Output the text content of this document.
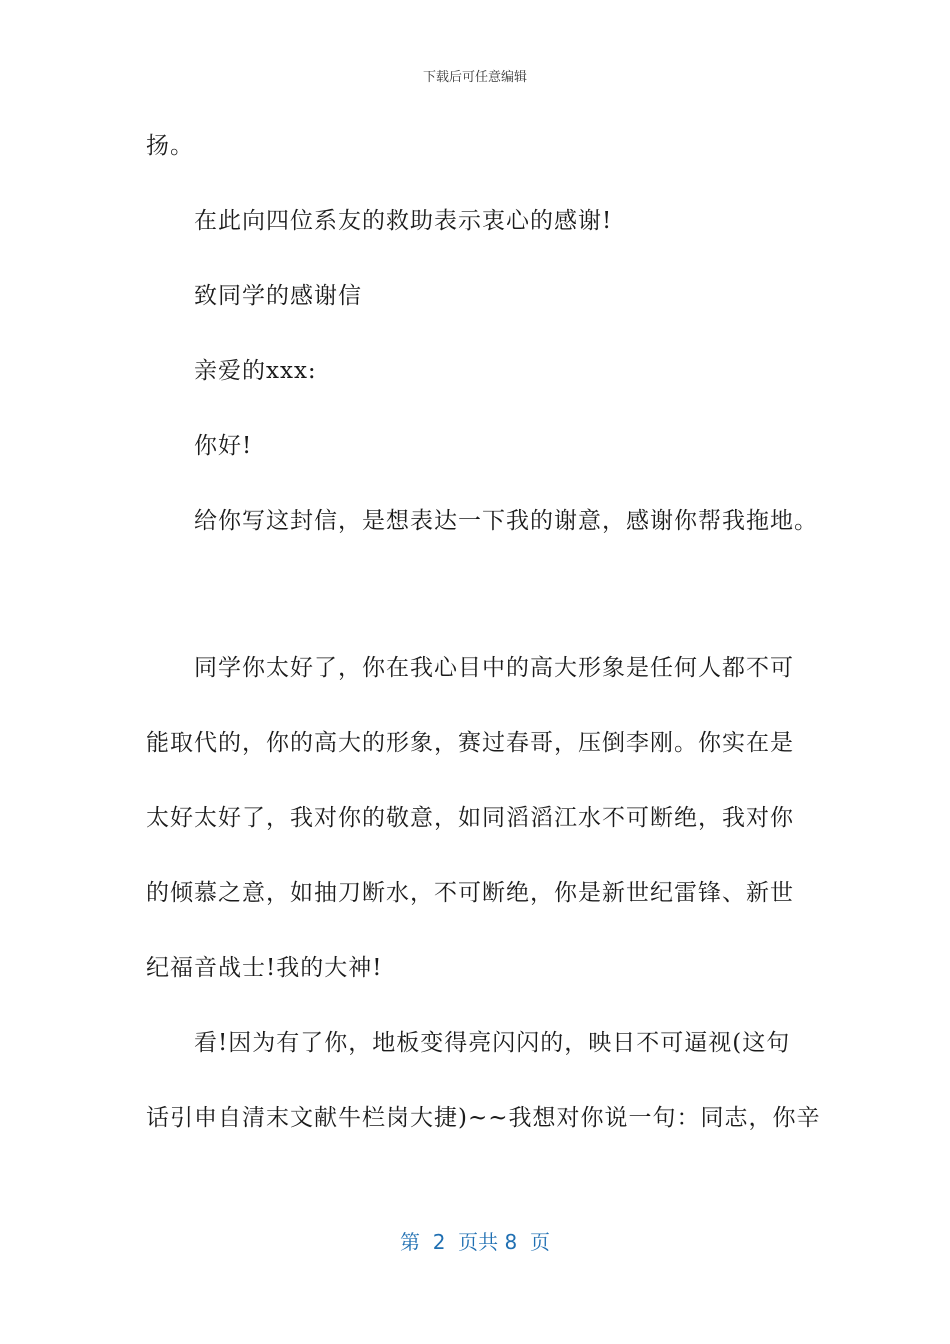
下载后可任意编辑
扬。
在此向四位系友的救助表示衷心的感谢!
致同学的感谢信
亲爱的xxx:
你好!
给你写这封信，是想表达一下我的谢意，感谢你帮我拖地。
同学你太好了，你在我心目中的高大形象是任何人都不可
能取代的，你的高大的形象，赛过春哥，压倒李刚。你实在是
太好太好了，我对你的敬意，如同滔滔江水不可断绝，我对你
的倾慕之意，如抽刀断水，不可断绝，你是新世纪雷锋、新世
纪福音战士!我的大神!
看!因为有了你，地板变得亮闪闪的，映日不可逼视(这句
话引申自清末文献牛栏岗大捷)~~我想对你说一句：同志，你辛
第  2  页共 8  页
